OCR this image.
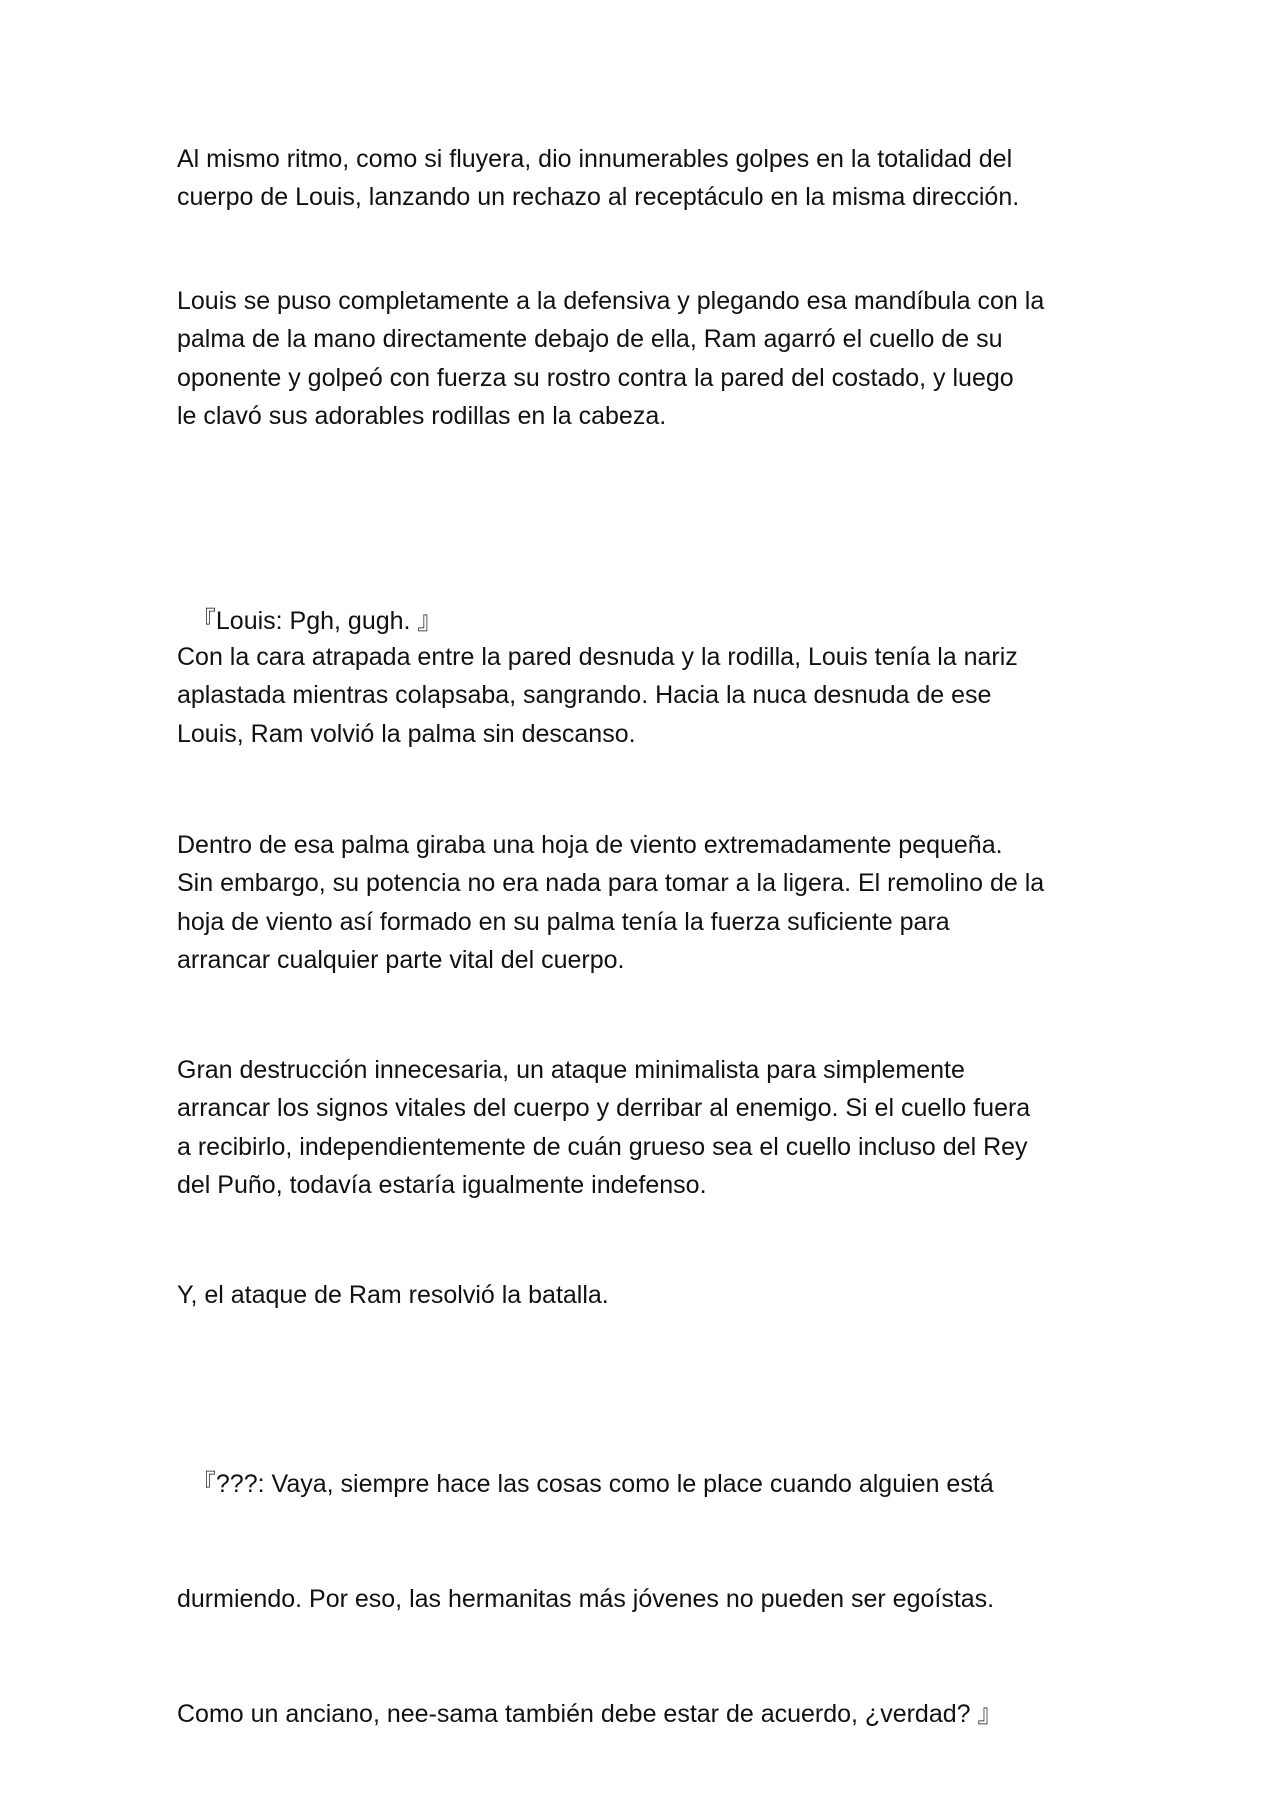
Al mismo ritmo, como si fluyera, dio innumerables golpes en la totalidad del
cuerpo de Louis, lanzando un rechazo al receptáculo en la misma dirección.

Louis se puso completamente a la defensiva y plegando esa mandíbula con la
palma de la mano directamente debajo de ella, Ram agarró el cuello de su
oponente y golpeó con fuerza su rostro contra la pared del costado, y luego
le clavó sus adorables rodillas en la cabeza.

『Louis: Pgh, gugh. 』

Con la cara atrapada entre la pared desnuda y la rodilla, Louis tenía la nariz
aplastada mientras colapsaba, sangrando. Hacia la nuca desnuda de ese
Louis, Ram volvió la palma sin descanso.

Dentro de esa palma giraba una hoja de viento extremadamente pequeña.
Sin embargo, su potencia no era nada para tomar a la ligera. El remolino de la
hoja de viento así formado en su palma tenía la fuerza suficiente para
arrancar cualquier parte vital del cuerpo.

Gran destrucción innecesaria, un ataque minimalista para simplemente
arrancar los signos vitales del cuerpo y derribar al enemigo. Si el cuello fuera
a recibirlo, independientemente de cuán grueso sea el cuello incluso del Rey
del Puño, todavía estaría igualmente indefenso.

Y, el ataque de Ram resolvió la batalla.

『???: Vaya, siempre hace las cosas como le place cuando alguien está

durmiendo. Por eso, las hermanitas más jóvenes no pueden ser egoístas.

Como un anciano, nee-sama también debe estar de acuerdo, ¿verdad? 』
